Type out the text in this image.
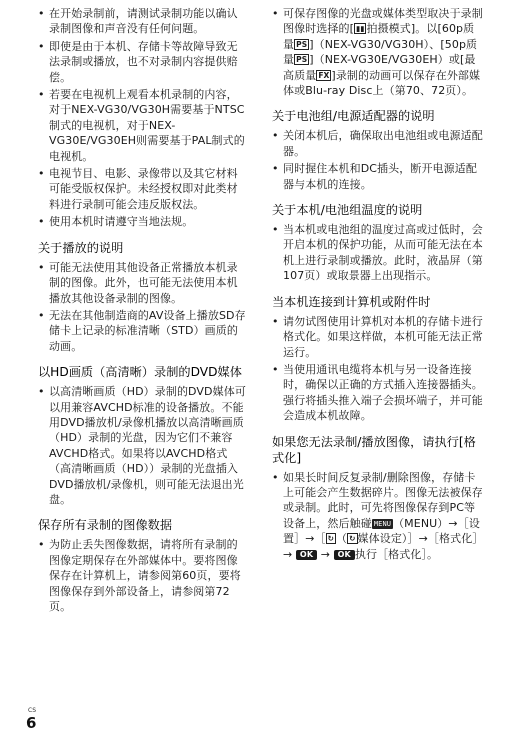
• 在开始录制前，请测试录制功能以确认录制图像和声音没有任何问题。
• 即使是由于本机、存储卡等故障导致无法录制或播放，也不对录制内容提供赔偿。
• 若要在电视机上观看本机录制的内容，对于NEX-VG30/VG30H需要基于NTSC制式的电视机，对于NEX-VG30E/VG30EH则需要基于PAL制式的电视机。
• 电视节目、电影、录像带以及其它材料可能受版权保护。未经授权即对此类材料进行录制可能会违反版权法。
• 使用本机时请遵守当地法规。
关于播放的说明
• 可能无法使用其他设备正常播放本机录制的图像。此外，也可能无法使用本机播放其他设备录制的图像。
• 无法在其他制造商的AV设备上播放SD存储卡上记录的标准清晰（STD）画质的动画。
以HD画质（高清晰）录制的DVD媒体
• 以高清晰画质（HD）录制的DVD媒体可以用兼容AVCHD标准的设备播放。不能用DVD播放机/录像机播放以高清晰画质（HD）录制的光盘，因为它们不兼容AVCHD格式。如果将以AVCHD格式（高清晰画质（HD））录制的光盘插入DVD播放机/录像机，则可能无法退出光盘。
保存所有录制的图像数据
• 为防止丢失图像数据，请将所有录制的图像定期保存在外部媒体中。要将图像保存在计算机上，请参阅第60页，要将图像保存到外部设备上，请参阅第72页。
• 可保存图像的光盘或媒体类型取决于录制图像时选择的[ ▮▮ 拍摄模式]。以[60p质量 PS ]（NEX-VG30/VG30H）、[50p质量 PS ]（NEX-VG30E/VG30EH）或[最高质量 FX ]录制的动画可以保存在外部媒体或Blu-ray Disc上（第70、72页）。
关于电池组/电源适配器的说明
• 关闭本机后，确保取出电池组或电源适配器。
• 同时握住本机和DC插头，断开电源适配器与本机的连接。
关于本机/电池组温度的说明
• 当本机或电池组的温度过高或过低时，会开启本机的保护功能，从而可能无法在本机上进行录制或播放。此时，液晶屏（第107页）或取景器上出现指示。
当本机连接到计算机或附件时
• 请勿试图使用计算机对本机的存储卡进行格式化。如果这样做，本机可能无法正常运行。
• 当使用通讯电缆将本机与另一设备连接时，确保以正确的方式插入连接器插头。强行将插头推入端子会损坏端子，并可能会造成本机故障。
如果您无法录制/播放图像，请执行[格式化]
• 如果长时间反复录制/删除图像，存储卡上可能会产生数据碎片。图像无法被保存或录制。此时，可先将图像保存到PC等设备上，然后触碰 MENU （MENU）→［设置］→［ ↻ （ ↻ 媒体设定）］→［格式化］→ OK → OK 执行［格式化］。
CS
6
